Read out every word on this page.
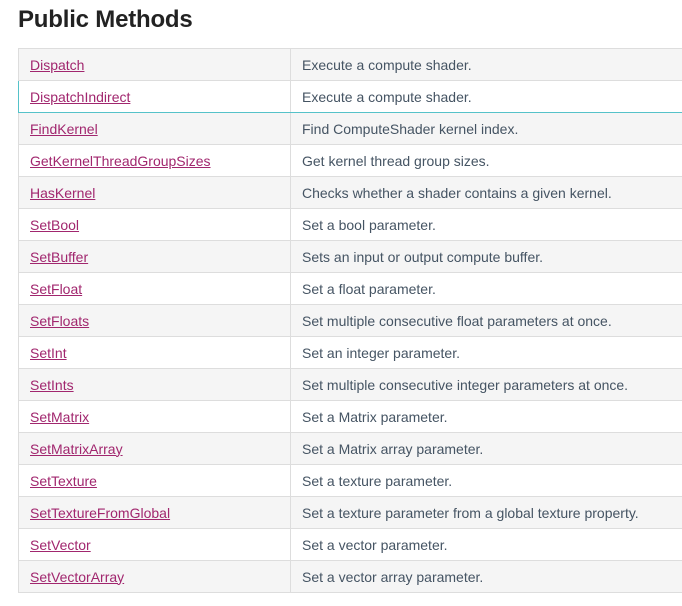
Public Methods
Dispatch	Execute a compute shader.
DispatchIndirect	Execute a compute shader.
FindKernel	Find ComputeShader kernel index.
GetKernelThreadGroupSizes	Get kernel thread group sizes.
HasKernel	Checks whether a shader contains a given kernel.
SetBool	Set a bool parameter.
SetBuffer	Sets an input or output compute buffer.
SetFloat	Set a float parameter.
SetFloats	Set multiple consecutive float parameters at once.
SetInt	Set an integer parameter.
SetInts	Set multiple consecutive integer parameters at once.
SetMatrix	Set a Matrix parameter.
SetMatrixArray	Set a Matrix array parameter.
SetTexture	Set a texture parameter.
SetTextureFromGlobal	Set a texture parameter from a global texture property.
SetVector	Set a vector parameter.
SetVectorArray	Set a vector array parameter.
